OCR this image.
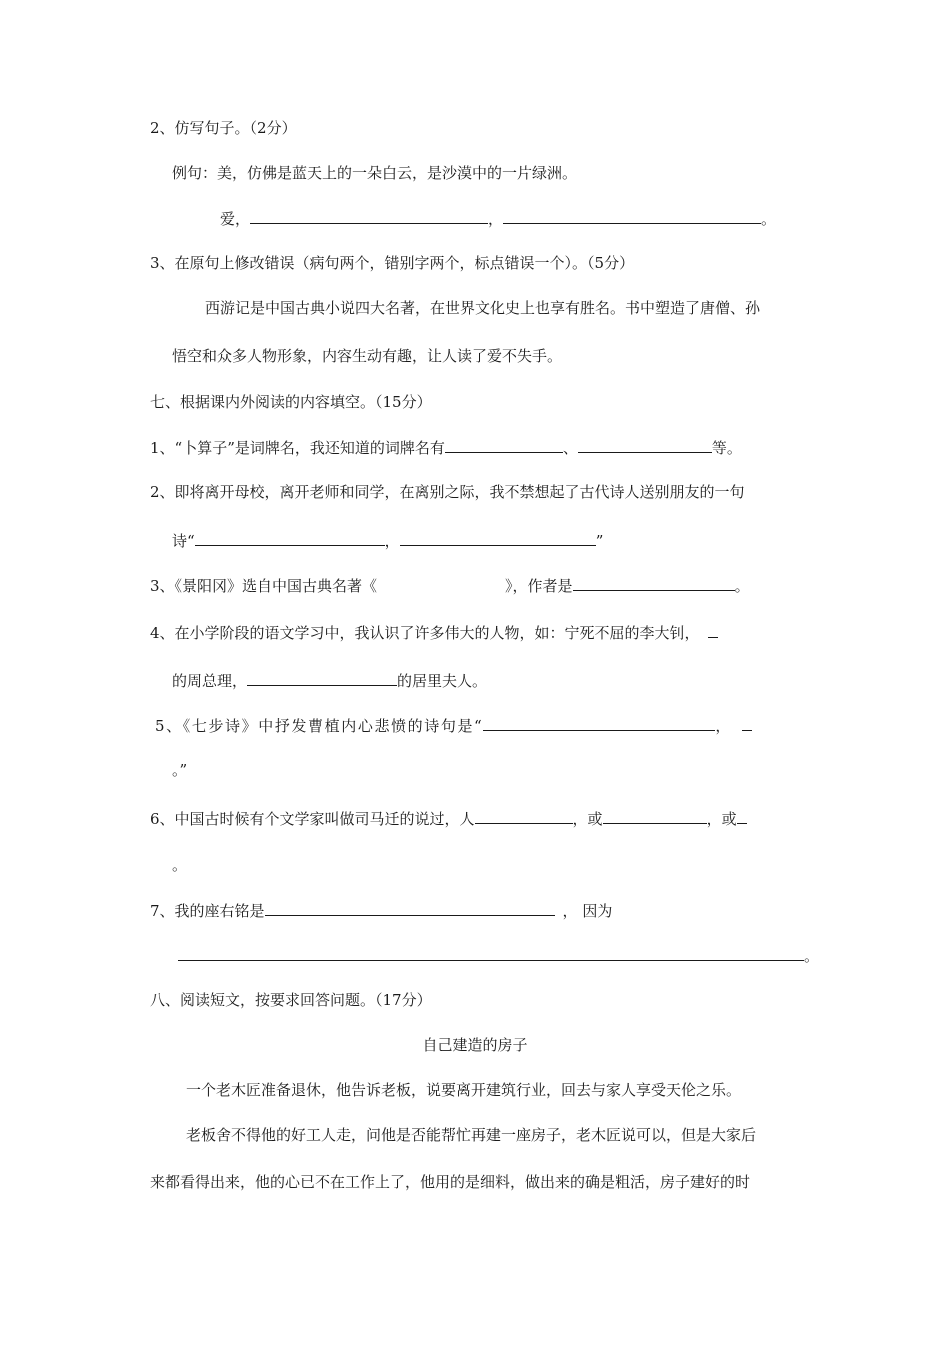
2、仿写句子。（2分）
例句：美，仿佛是蓝天上的一朵白云，是沙漠中的一片绿洲。
爱，	，	。
3、在原句上修改错误（病句两个，错别字两个，标点错误一个）。（5分）
西游记是中国古典小说四大名著，在世界文化史上也享有胜名。书中塑造了唐僧、孙
悟空和众多人物形象，内容生动有趣，让人读了爱不失手。
七、根据课内外阅读的内容填空。（15分）
1、“卜算子”是词牌名，我还知道的词牌名有	、	等。
2、即将离开母校，离开老师和同学，在离别之际，我不禁想起了古代诗人送别朋友的一句
诗“	，	”
3、《景阳冈》选自中国古典名著《	》，作者是	。
4、在小学阶段的语文学习中，我认识了许多伟大的人物，如：宁死不屈的李大钊，
的周总理，	的居里夫人。
5、《七步诗》中抒发曹植内心悲愤的诗句是“	，
。”
6、中国古时候有个文学家叫做司马迁的说过，人	，或	，或
。
7、我的座右铭是	， 因为
。
八、阅读短文，按要求回答问题。（17分）
自己建造的房子
一个老木匠准备退休，他告诉老板，说要离开建筑行业，回去与家人享受天伦之乐。
老板舍不得他的好工人走，问他是否能帮忙再建一座房子，老木匠说可以，但是大家后
来都看得出来，他的心已不在工作上了，他用的是细料，做出来的确是粗活，房子建好的时
